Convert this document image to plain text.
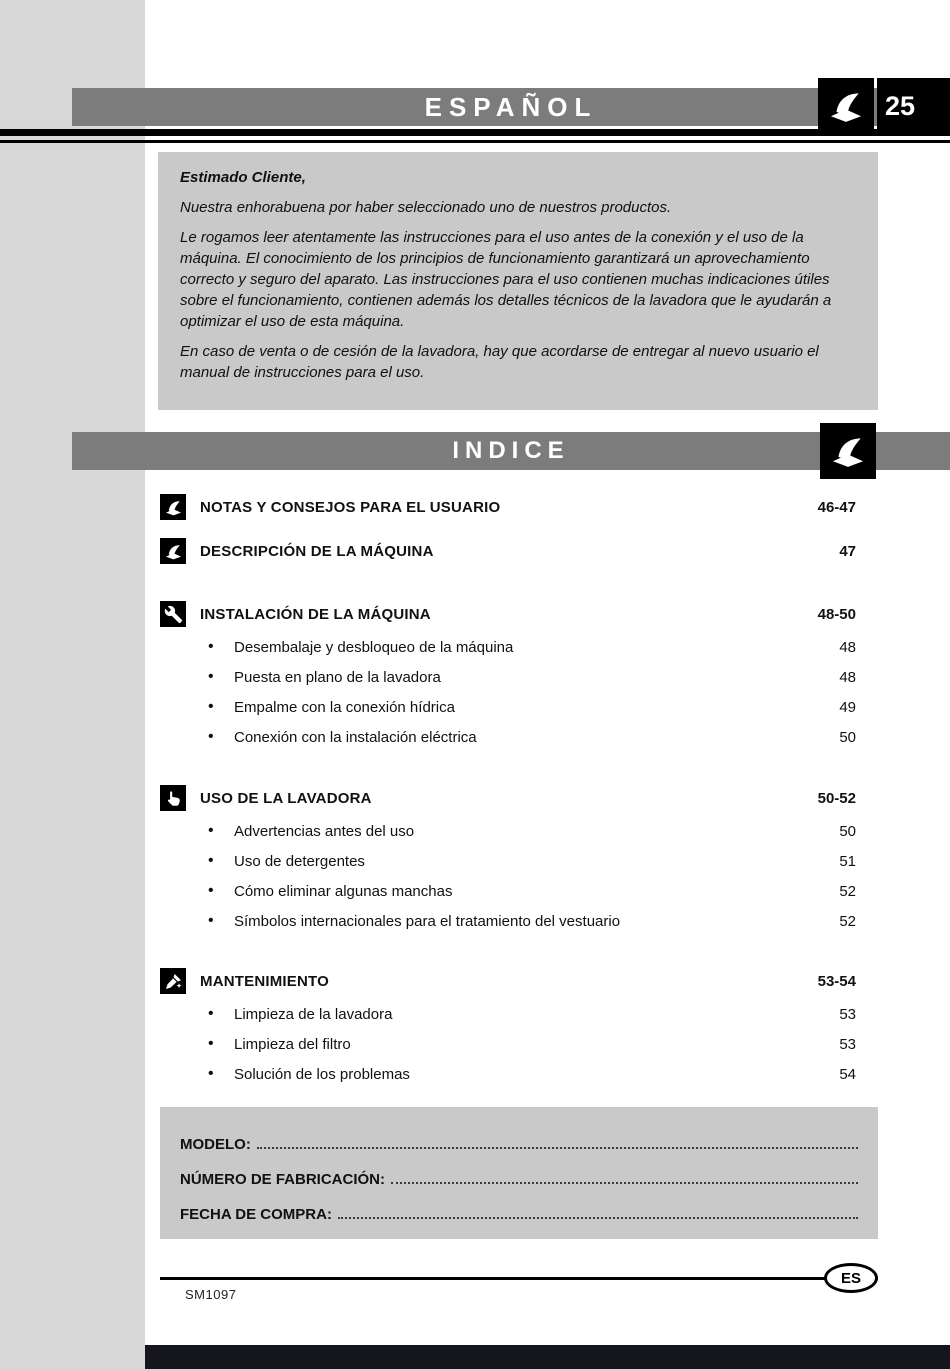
ESPAÑOL	25
Estimado Cliente,

Nuestra enhorabuena por haber seleccionado uno de nuestros productos.

Le rogamos leer atentamente las instrucciones para el uso antes de la conexión y el uso de la máquina. El conocimiento de los principios de funcionamiento garantizará un aprovechamiento correcto y seguro del aparato. Las instrucciones para el uso contienen muchas indicaciones útiles sobre el funcionamiento, contienen además los detalles técnicos de la lavadora que le ayudarán a optimizar el uso de esta máquina.

En caso de venta o de cesión de la lavadora, hay que acordarse de entregar al nuevo usuario el manual de instrucciones para el uso.

INDICE
NOTAS Y CONSEJOS PARA EL USUARIO	46-47
DESCRIPCIÓN DE LA MÁQUINA	47
INSTALACIÓN DE LA MÁQUINA	48-50
•
Desembalaje y desbloqueo de la máquina	48
•
Puesta en plano de la lavadora	48
•
Empalme con la conexión hídrica	49
•
Conexión con la instalación eléctrica	50
USO DE LA LAVADORA	50-52
•
Advertencias antes del uso	50
•
Uso de detergentes	51
•
Cómo eliminar algunas manchas	52
•
Símbolos internacionales para el tratamiento del vestuario	52
MANTENIMIENTO	53-54
•
Limpieza de la lavadora	53
•
Limpieza del filtro	53
•
Solución de los problemas	54
MODELO:
NÚMERO DE FABRICACIÓN:
FECHA DE COMPRA:
ES
SM1097
